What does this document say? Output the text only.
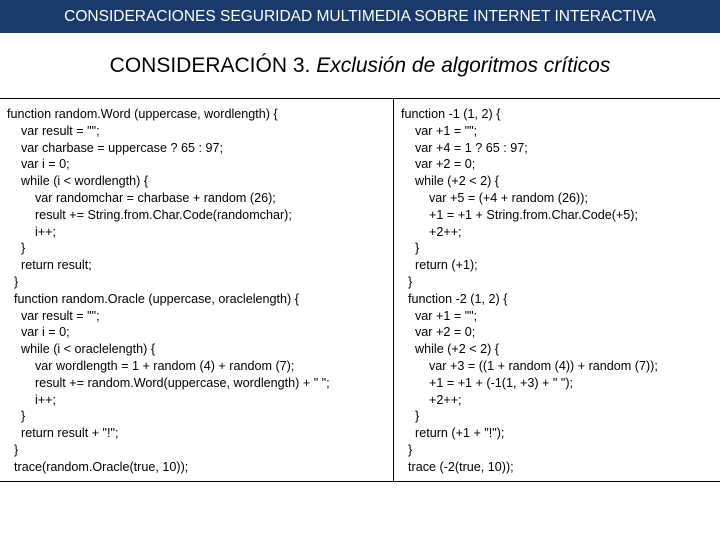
CONSIDERACIONES SEGURIDAD MULTIMEDIA SOBRE INTERNET INTERACTIVA
CONSIDERACIÓN 3. Exclusión de algoritmos críticos
function random.Word (uppercase, wordlength) {
var result = "";
var charbase = uppercase ? 65 : 97;
var i = 0;
while (i < wordlength) {
var randomchar = charbase + random (26);
result += String.from.Char.Code(randomchar);
i++;
}
return result;
}
function random.Oracle (uppercase, oraclelength) {
var result = "";
var i = 0;
while (i < oraclelength) {
var wordlength = 1 + random (4) + random (7);
result += random.Word(uppercase, wordlength) + " ";
i++;
}
return result + "!";
}
trace(random.Oracle(true, 10));
function -1 (1, 2) {
var +1 = "";
var +4 = 1 ? 65 : 97;
var +2 = 0;
while (+2 < 2) {
var +5 = (+4 + random (26));
+1 = +1 + String.from.Char.Code(+5);
+2++;
}
return (+1);
}
function -2 (1, 2) {
var +1 = "";
var +2 = 0;
while (+2 < 2) {
var +3 = ((1 + random (4)) + random (7));
+1 = +1 + (-1(1, +3) + " ");
+2++;
}
return (+1 + "!");
}
trace (-2(true, 10));
